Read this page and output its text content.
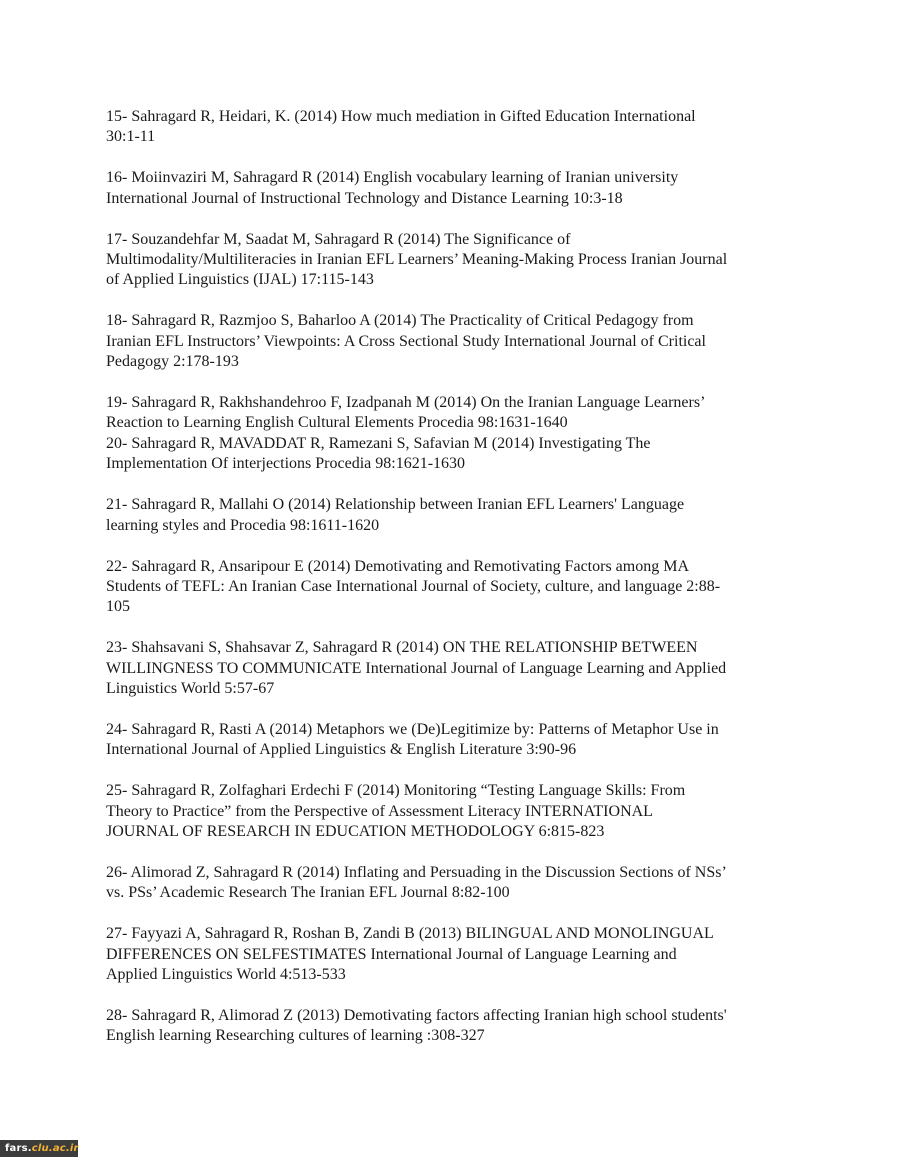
15- Sahragard R, Heidari, K. (2014) How much mediation in Gifted Education International
30:1-11

16- Moiinvaziri M, Sahragard R (2014) English vocabulary learning of Iranian university
International Journal of Instructional Technology and Distance Learning 10:3-18

17- Souzandehfar M, Saadat M, Sahragard R (2014) The Significance of
Multimodality/Multiliteracies in Iranian EFL Learners’ Meaning-Making Process Iranian Journal
of Applied Linguistics (IJAL) 17:115-143

18- Sahragard R, Razmjoo S, Baharloo A (2014) The Practicality of Critical Pedagogy from
Iranian EFL Instructors’ Viewpoints: A Cross Sectional Study International Journal of Critical
Pedagogy 2:178-193

19- Sahragard R, Rakhshandehroo F, Izadpanah M (2014) On the Iranian Language Learners’
Reaction to Learning English Cultural Elements Procedia 98:1631-1640

20- Sahragard R, MAVADDAT R, Ramezani S, Safavian M (2014) Investigating The
Implementation Of interjections Procedia 98:1621-1630

21- Sahragard R, Mallahi O (2014) Relationship between Iranian EFL Learners' Language
learning styles and Procedia 98:1611-1620

22- Sahragard R, Ansaripour E (2014) Demotivating and Remotivating Factors among MA
Students of TEFL: An Iranian Case International Journal of Society, culture, and language 2:88-
105

23- Shahsavani S, Shahsavar Z, Sahragard R (2014) ON THE RELATIONSHIP BETWEEN
WILLINGNESS TO COMMUNICATE International Journal of Language Learning and Applied
Linguistics World 5:57-67

24- Sahragard R, Rasti A (2014) Metaphors we (De)Legitimize by: Patterns of Metaphor Use in
International Journal of Applied Linguistics & English Literature 3:90-96

25- Sahragard R, Zolfaghari Erdechi F (2014) Monitoring “Testing Language Skills: From
Theory to Practice” from the Perspective of Assessment Literacy INTERNATIONAL
JOURNAL OF RESEARCH IN EDUCATION METHODOLOGY 6:815-823

26- Alimorad Z, Sahragard R (2014) Inflating and Persuading in the Discussion Sections of NSs’
vs. PSs’ Academic Research The Iranian EFL Journal 8:82-100

27- Fayyazi A, Sahragard R, Roshan B, Zandi B (2013) BILINGUAL AND MONOLINGUAL
DIFFERENCES ON SELFESTIMATES International Journal of Language Learning and
Applied Linguistics World 4:513-533

28- Sahragard R, Alimorad Z (2013) Demotivating factors affecting Iranian high school students'
English learning Researching cultures of learning :308-327

fars.clu.ac.ir
